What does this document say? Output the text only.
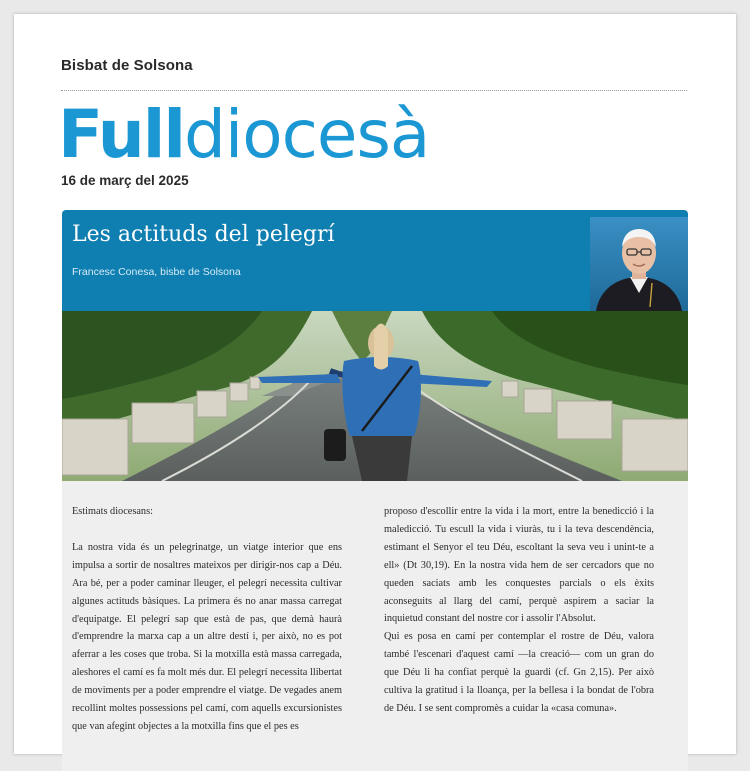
Bisbat de Solsona
Fulldiocesà
16 de març del 2025
Les actituds del pelegrí
Francesc Conesa, bisbe de Solsona

Estimats diocesans:

La nostra vida és un pelegrinatge, un viatge interior que ens impulsa a sortir de nosaltres mateixos per dirigir-nos cap a Déu. Ara bé, per a poder caminar lleuger, el pelegrí necessita cultivar algunes actituds bàsiques. La primera és no anar massa carregat d'equipatge. El pelegrí sap que està de pas, que demà haurà d'emprendre la marxa cap a un altre destí i, per això, no es pot aferrar a les coses que troba. Si la motxilla està massa carregada, aleshores el camí es fa molt més dur. El pelegrí necessita llibertat de moviments per a poder emprendre el viatge. De vegades anem recollint moltes possessions pel camí, com aquells excursionistes que van afegint objectes a la motxilla fins que el pes es

proposo d'escollir entre la vida i la mort, entre la benedicció i la maledicció. Tu escull la vida i viuràs, tu i la teva descendència, estimant el Senyor el teu Déu, escoltant la seva veu i unint-te a ell» (Dt 30,19). En la nostra vida hem de ser cercadors que no queden saciats amb les conquestes parcials o els èxits aconseguits al llarg del camí, perquè aspirem a saciar la inquietud constant del nostre cor i assolir l'Absolut.

Qui es posa en camí per contemplar el rostre de Déu, valora també l'escenari d'aquest camí —la creació— com un gran do que Déu li ha confiat perquè la guardi (cf. Gn 2,15). Per això cultiva la gratitud i la lloança, per la bellesa i la bondat de l'obra de Déu. I se sent compromès a cuidar la «casa comuna».
